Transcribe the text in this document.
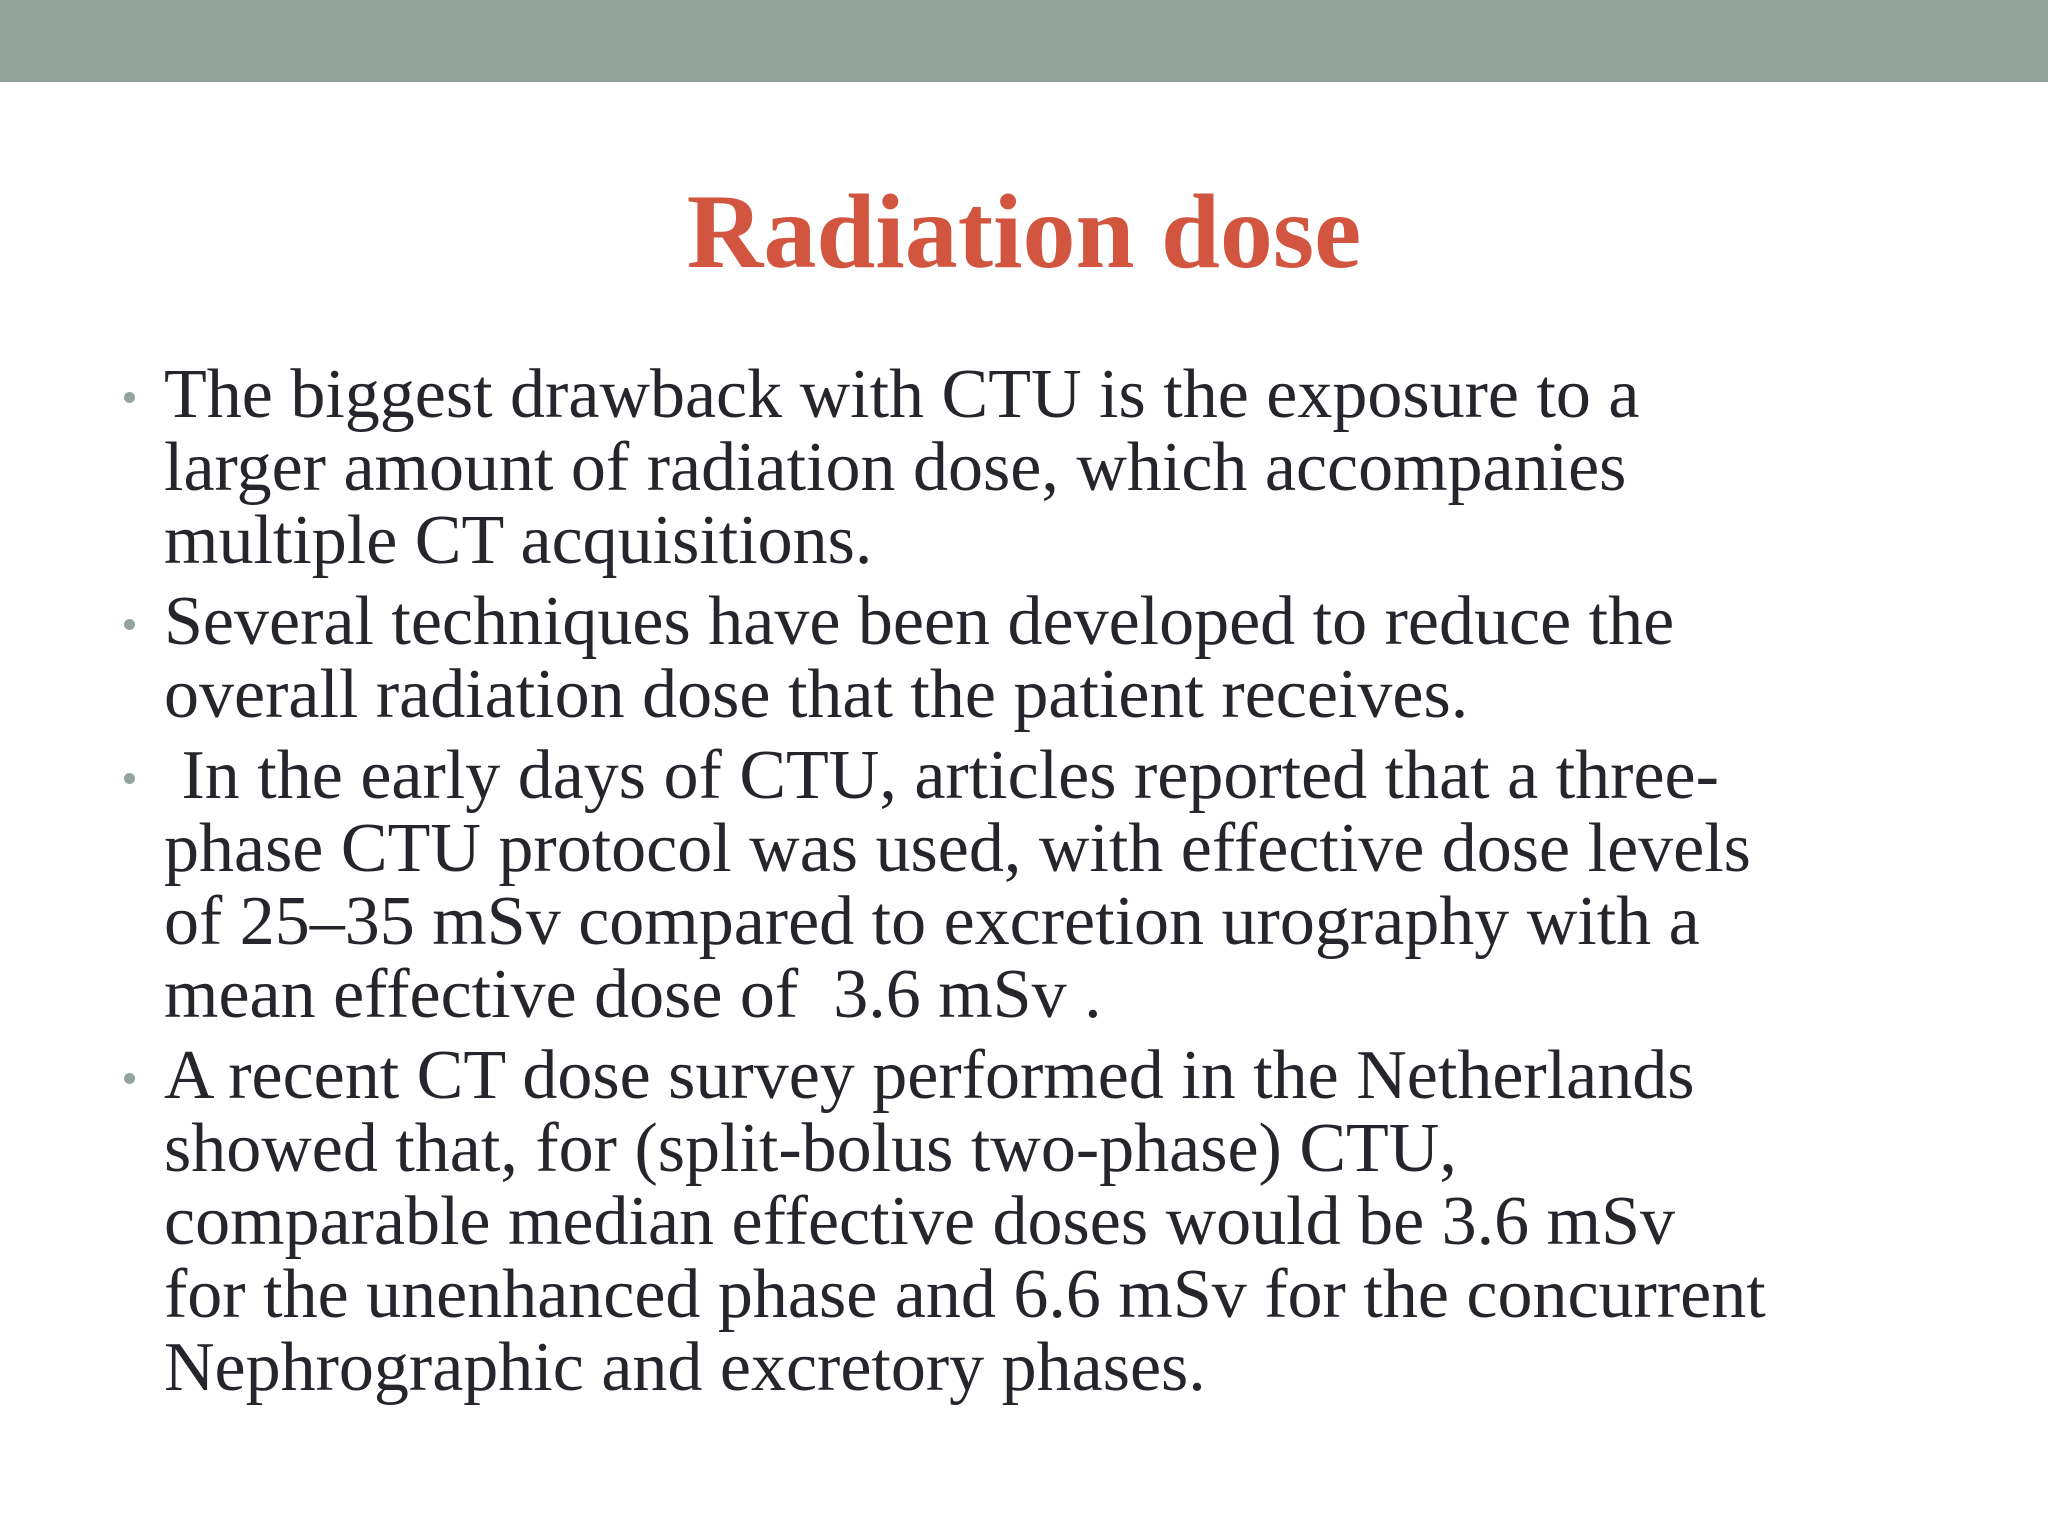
Radiation dose
The biggest drawback with CTU is the exposure to a
larger amount of radiation dose, which accompanies
multiple CT acquisitions.
Several techniques have been developed to reduce the
overall radiation dose that the patient receives.
In the early days of CTU, articles reported that a three-
phase CTU protocol was used, with effective dose levels
of 25–35 mSv compared to excretion urography with a
mean effective dose of  3.6 mSv .
A recent CT dose survey performed in the Netherlands
showed that, for (split-bolus two-phase) CTU,
comparable median effective doses would be 3.6 mSv
for the unenhanced phase and 6.6 mSv for the concurrent
Nephrographic and excretory phases.
